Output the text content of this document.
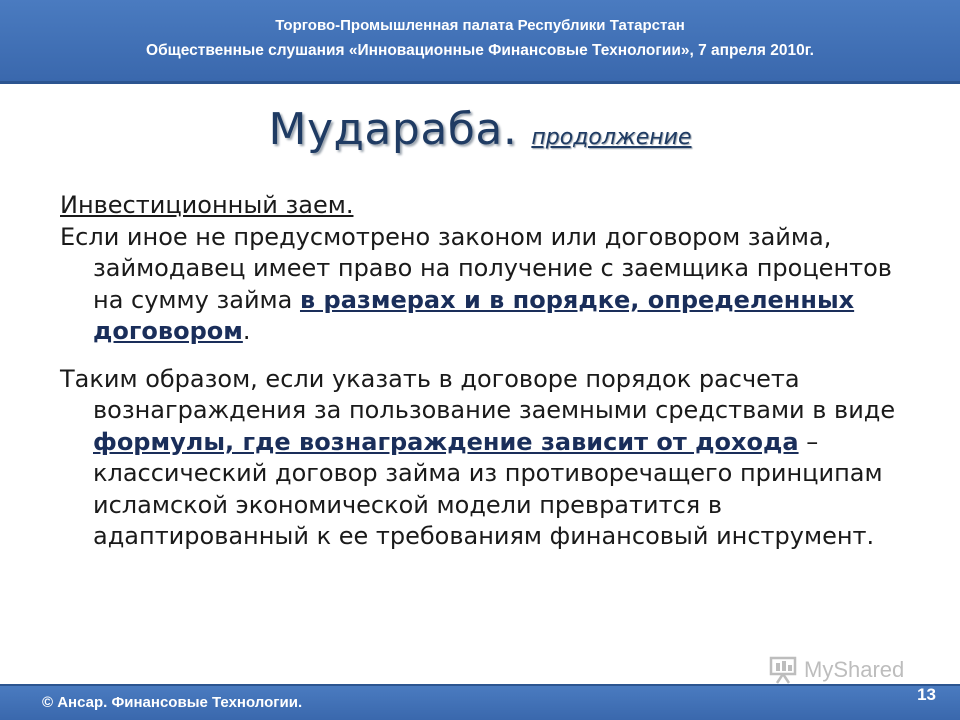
Торгово-Промышленная палата Республики Татарстан
Общественные слушания «Инновационные Финансовые Технологии», 7 апреля 2010г.
Мудараба. продолжение

Инвестиционный заем.

Если иное не предусмотрено законом или договором займа, займодавец имеет право на получение с заемщика процентов на сумму займа в размерах и в порядке, определенных договором.

Таким образом, если указать в договоре порядок расчета вознаграждения за пользование заемными средствами в виде формулы, где вознаграждение зависит от дохода – классический договор займа из противоречащего принципам исламской экономической модели превратится в адаптированный к ее требованиям финансовый инструмент.

MyShared
© Ансар. Финансовые Технологии.	13
